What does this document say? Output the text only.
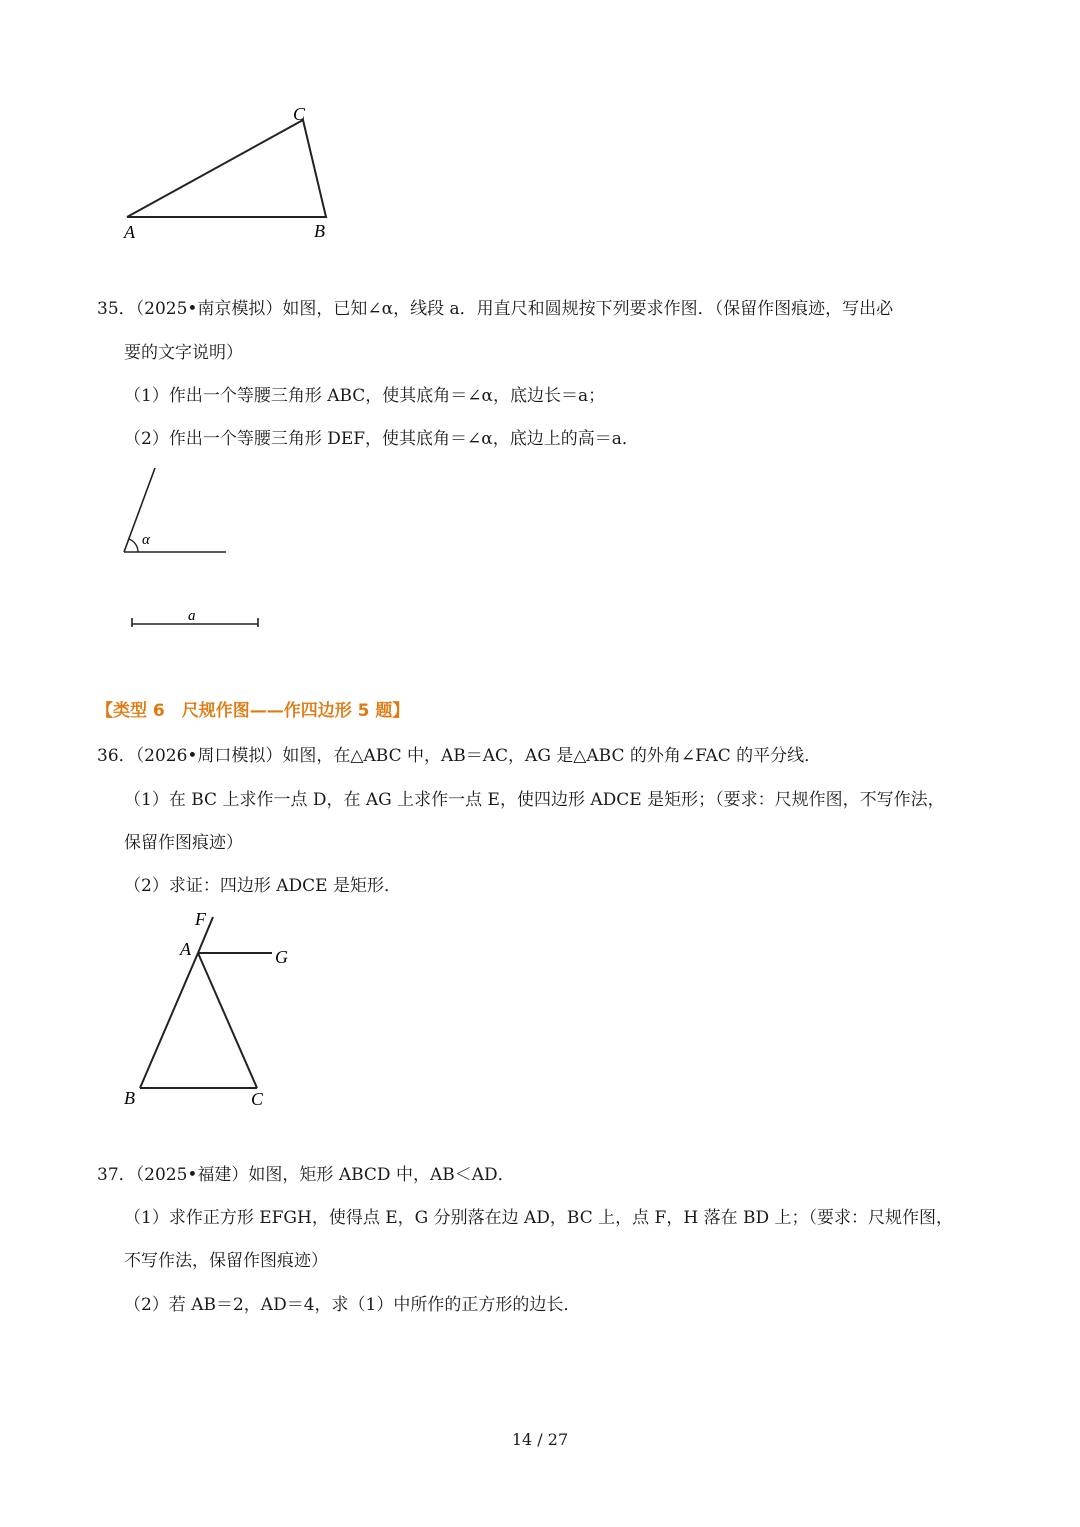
C
A	B
35．（2025•南京模拟）如图，已知∠α，线段 a．用直尺和圆规按下列要求作图．（保留作图痕迹，写出必
要的文字说明）
（1）作出一个等腰三角形 ABC，使其底角＝∠α，底边长＝a；
（2）作出一个等腰三角形 DEF，使其底角＝∠α，底边上的高＝a．
α
a
【类型 6　尺规作图——作四边形 5 题】
36．（2026•周口模拟）如图，在△ABC 中，AB＝AC，AG 是△ABC 的外角∠FAC 的平分线．
（1）在 BC 上求作一点 D，在 AG 上求作一点 E，使四边形 ADCE 是矩形；（要求：尺规作图，不写作法，
保留作图痕迹）
（2）求证：四边形 ADCE 是矩形．
F
A	G
B	C
37．（2025•福建）如图，矩形 ABCD 中，AB＜AD．
（1）求作正方形 EFGH，使得点 E，G 分别落在边 AD，BC 上，点 F，H 落在 BD 上；（要求：尺规作图，
不写作法，保留作图痕迹）
（2）若 AB＝2，AD＝4，求（1）中所作的正方形的边长．
14 / 27
